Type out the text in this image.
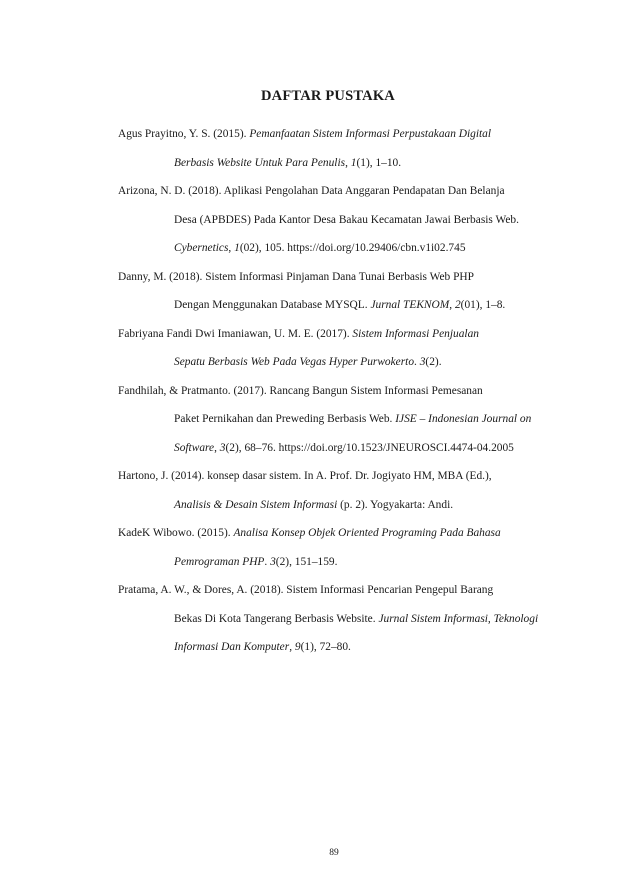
DAFTAR PUSTAKA
Agus Prayitno, Y. S. (2015). Pemanfaatan Sistem Informasi Perpustakaan Digital
Berbasis Website Untuk Para Penulis, 1(1), 1–10.
Arizona, N. D. (2018). Aplikasi Pengolahan Data Anggaran Pendapatan Dan Belanja
Desa (APBDES) Pada Kantor Desa Bakau Kecamatan Jawai Berbasis Web.
Cybernetics, 1(02), 105. https://doi.org/10.29406/cbn.v1i02.745
Danny, M. (2018). Sistem Informasi Pinjaman Dana Tunai Berbasis Web PHP
Dengan Menggunakan Database MYSQL. Jurnal TEKNOM, 2(01), 1–8.
Fabriyana Fandi Dwi Imaniawan, U. M. E. (2017). Sistem Informasi Penjualan
Sepatu Berbasis Web Pada Vegas Hyper Purwokerto. 3(2).
Fandhilah, & Pratmanto. (2017). Rancang Bangun Sistem Informasi Pemesanan
Paket Pernikahan dan Preweding Berbasis Web. IJSE – Indonesian Journal on
Software, 3(2), 68–76. https://doi.org/10.1523/JNEUROSCI.4474-04.2005
Hartono, J. (2014). konsep dasar sistem. In A. Prof. Dr. Jogiyato HM, MBA (Ed.),
Analisis & Desain Sistem Informasi (p. 2). Yogyakarta: Andi.
KadeK Wibowo. (2015). Analisa Konsep Objek Oriented Programing Pada Bahasa
Pemrograman PHP. 3(2), 151–159.
Pratama, A. W., & Dores, A. (2018). Sistem Informasi Pencarian Pengepul Barang
Bekas Di Kota Tangerang Berbasis Website. Jurnal Sistem Informasi, Teknologi
Informasi Dan Komputer, 9(1), 72–80.
89
